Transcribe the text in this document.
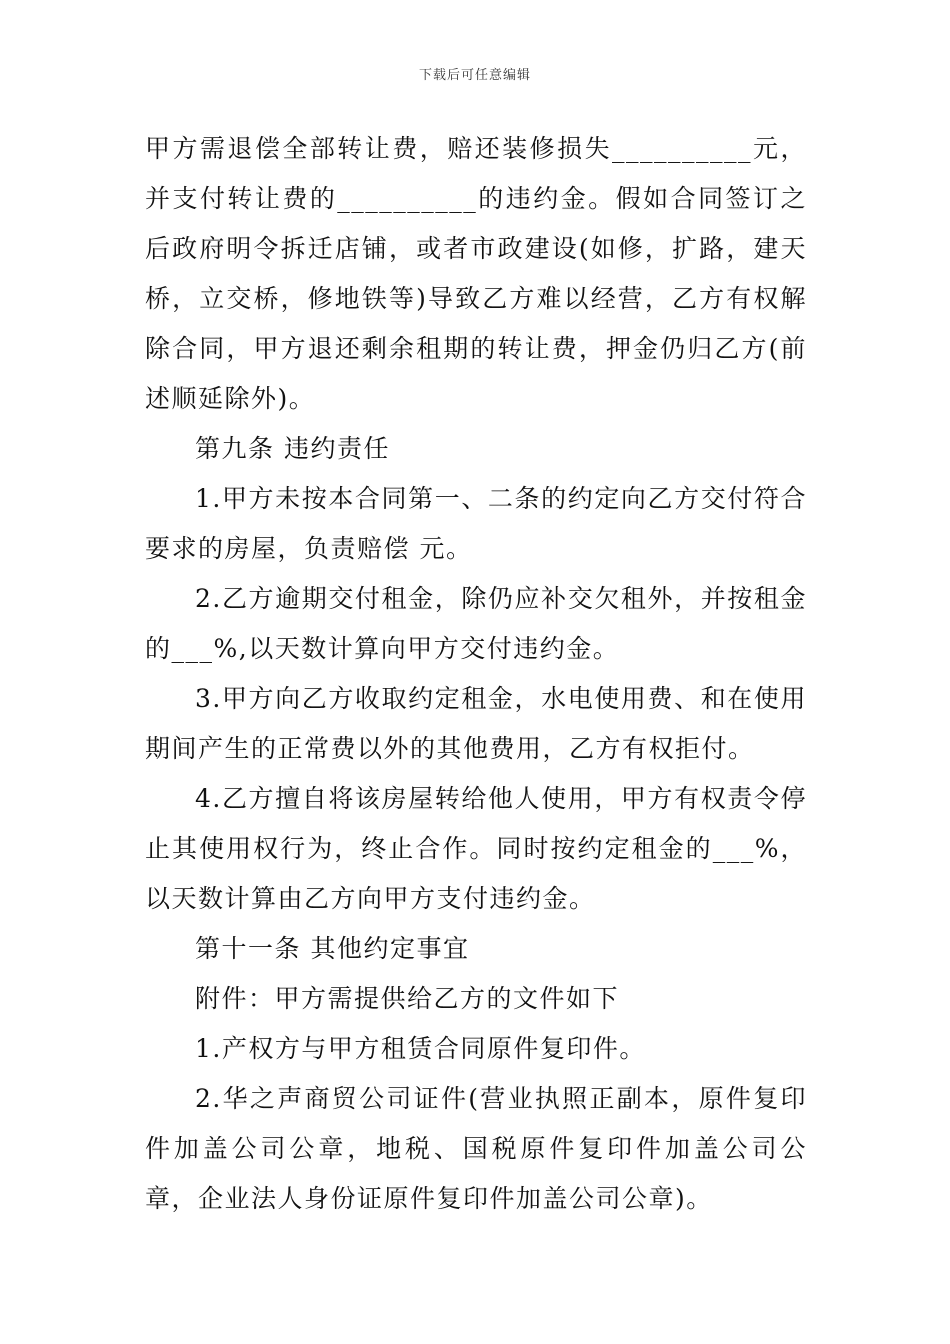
下载后可任意编辑

甲方需退偿全部转让费，赔还装修损失__________元，并支付转让费的__________的违约金。假如合同签订之后政府明令拆迁店铺，或者市政建设(如修，扩路，建天桥，立交桥，修地铁等)导致乙方难以经营，乙方有权解除合同，甲方退还剩余租期的转让费，押金仍归乙方(前述顺延除外)。

第九条 违约责任

1.甲方未按本合同第一、二条的约定向乙方交付符合要求的房屋，负责赔偿 元。

2.乙方逾期交付租金，除仍应补交欠租外，并按租金的___%,以天数计算向甲方交付违约金。

3.甲方向乙方收取约定租金，水电使用费、和在使用期间产生的正常费以外的其他费用，乙方有权拒付。

4.乙方擅自将该房屋转给他人使用，甲方有权责令停止其使用权行为，终止合作。同时按约定租金的___%，以天数计算由乙方向甲方支付违约金。

第十一条 其他约定事宜

附件：甲方需提供给乙方的文件如下

1.产权方与甲方租赁合同原件复印件。

2.华之声商贸公司证件(营业执照正副本，原件复印件加盖公司公章，地税、国税原件复印件加盖公司公章，企业法人身份证原件复印件加盖公司公章)。
